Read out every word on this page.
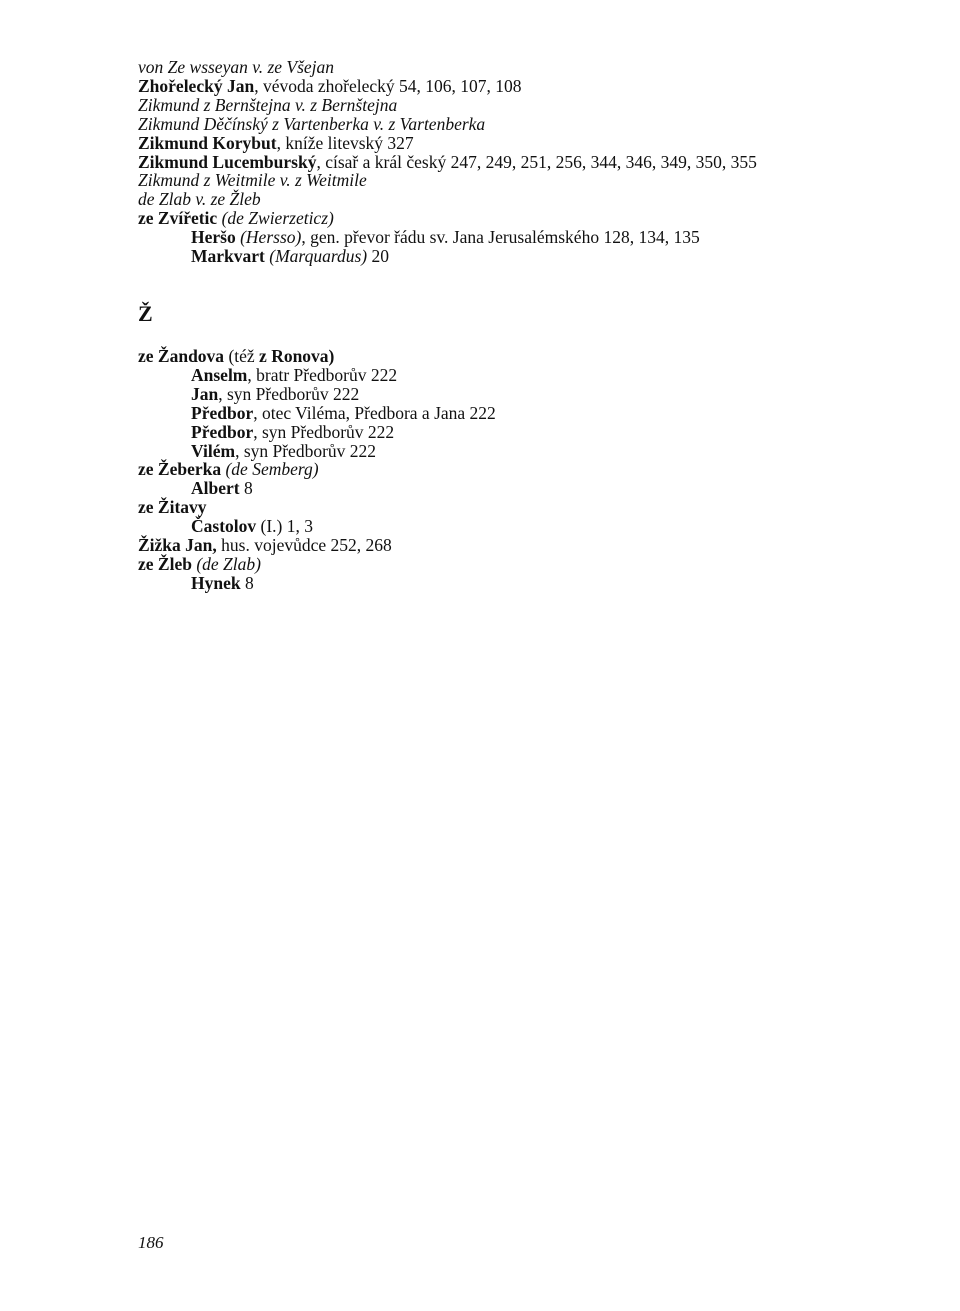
von Ze wsseyan v. ze Všejan
Zhořelecký Jan, vévoda zhořelecký 54, 106, 107, 108
Zikmund z Bernštejna v. z Bernštejna
Zikmund Děčínský z Vartenberka v. z Vartenberka
Zikmund Korybut, kníže litevský 327
Zikmund Lucemburský, císař a král český 247, 249, 251, 256, 344, 346, 349, 350, 355
Zikmund z Weitmile v. z Weitmile
de Zlab v. ze Žleb
ze Zvířetic (de Zwierzeticz)
Heršo (Hersso), gen. převor řádu sv. Jana Jerusalémského 128, 134, 135
Markvart (Marquardus) 20
Ž
ze Žandova (též z Ronova)
Anselm, bratr Předborův 222
Jan, syn Předborův 222
Předbor, otec Viléma, Předbora a Jana 222
Předbor, syn Předborův 222
Vilém, syn Předborův 222
ze Žeberka (de Semberg)
Albert 8
ze Žitavy
Častolov (I.) 1, 3
Žižka Jan, hus. vojevůdce 252, 268
ze Žleb (de Zlab)
Hynek 8
186
